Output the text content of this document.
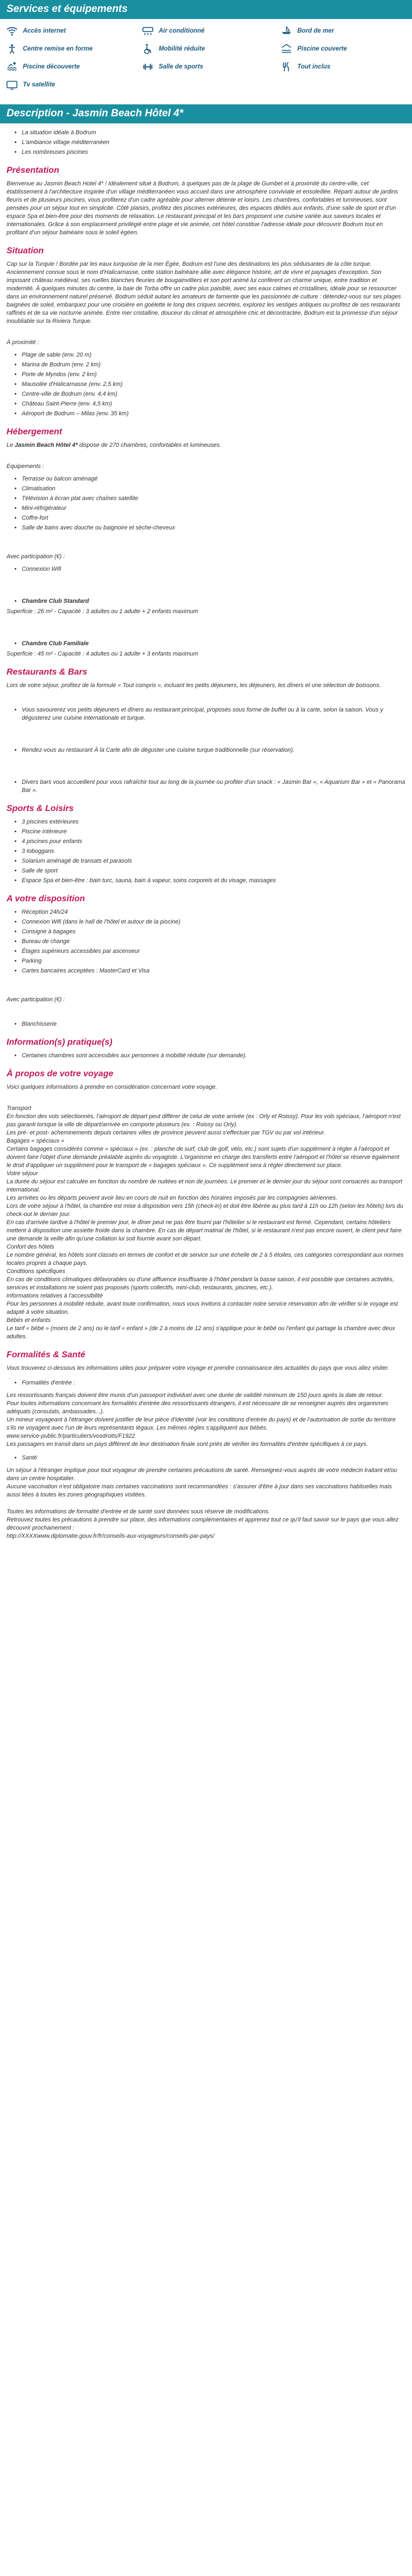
Services et équipements
Accès internet	Air conditionné	Bord de mer
Centre remise en forme	Mobilité réduite	Piscine couverte
Piscine découverte	Salle de sports	Tout inclus
Tv satellite
Description - Jasmin Beach Hôtel 4*
• La situation idéale à Bodrum
• L'ambiance village méditerranéen
• Les nombreuses piscines
Présentation

Bienvenue au Jasmin Beach Hotel 4* ! Idéalement situé à Bodrum, à quelques pas de la plage de Gumbet et à proximité du centre-ville, cet établissement à l'architecture inspirée d'un village méditerranéen vous accueil dans une atmosphère conviviale et ensoleillée. Réparti autour de jardins fleuris et de plusieurs piscines, vous profiterez d'un cadre agréable pour alterner détente et loisirs. Les chambres, confortables et lumineuses, sont pensées pour un séjour tout en simplicité. Côté plaisirs, profitez des piscines extérieures, des espaces dédiés aux enfants, d'une salle de sport et d'un espace Spa et bien-être pour des moments de relaxation. Le restaurant principal et les bars proposent une cuisine variée aux saveurs locales et internationales. Grâce à son emplacement privilégié entre plage et vie animée, cet hôtel constitue l'adresse idéale pour découvrir Bodrum tout en profitant d'un séjour balnéaire sous le soleil égéen.

Situation

Cap sur la Turquie ! Bordée par les eaux turquoise de la mer Égée, Bodrum est l'une des destinations les plus séduisantes de la côte turque. Anciennement connue sous le nom d'Halicarnasse, cette station balnéaire allie avec élégance histoire, art de vivre et paysages d'exception. Son imposant château médiéval, ses ruelles blanches fleuries de bougainvilliers et son port animé lui confèrent un charme unique, entre tradition et modernité. À quelques minutes du centre, la baie de Torba offre un cadre plus paisible, avec ses eaux calmes et cristallines, idéale pour se ressourcer dans un environnement naturel préservé. Bodrum séduit autant les amateurs de farniente que les passionnés de culture : détendez-vous sur ses plages baignées de soleil, embarquez pour une croisière en goélette le long des criques secrètes, explorez les vestiges antiques ou profitez de ses restaurants raffinés et de sa vie nocturne animée. Entre mer cristalline, douceur du climat et atmosphère chic et décontractée, Bodrum est la promesse d'un séjour inoubliable sur la Riviera Turque.

À proximité :

• Plage de sable (env. 20 m)
• Marina de Bodrum (env. 2 km)
• Porte de Myndos (env. 2 km)
• Mausolée d'Halicarnasse (env. 2,5 km)
• Centre-ville de Bodrum (env. 4,4 km)
• Château Saint-Pierre (env. 4,5 km)
• Aéroport de Bodrum – Milas (env. 35 km)
Hébergement

Le Jasmin Beach Hôtel 4* dispose de 270 chambres, confortables et lumineuses.

Equipements :

• Terrasse ou balcon aménagé
• Climatisation
• Télévision à écran plat avec chaînes satellite
• Mini-réfrigérateur
• Coffre-fort
• Salle de bains avec douche ou baignoire et sèche-cheveux

Avec participation (€) :

• Connexion Wifi
• Chambre Club Standard

Superficie : 26 m² - Capacité : 3 adultes ou 1 adulte + 2 enfants maximum

• Chambre Club Familiale

Superficie : 45 m² - Capacité : 4 adultes ou 1 adulte + 3 enfants maximum

Restaurants & Bars

Lors de votre séjour, profitez de la formule « Tout compris », incluant les petits déjeuners, les déjeuners, les dîners et une sélection de boissons.

• Vous savourerez vos petits déjeuners et dîners au restaurant principal, proposés sous forme de buffet ou à la carte, selon la saison. Vous y dégusterez une cuisine internationale et turque.
• Rendez-vous au restaurant À la Carte afin de déguster une cuisine turque traditionnelle (sur réservation).
• Divers bars vous accueillent pour vous rafraîchir tout au long de la journée ou profiter d'un snack : « Jasmin Bar », « Aquarium Bar » et « Panorama Bar ».
Sports & Loisirs
• 3 piscines extérieures
• Piscine intérieure
• 4 piscines pour enfants
• 3 toboggans
• Solarium aménagé de transats et parasols
• Salle de sport
• Espace Spa et bien-être : bain turc, sauna, bain à vapeur, soins corporels et du visage, massages
A votre disposition
• Réception 24h/24
• Connexion Wifi (dans le hall de l'hôtel et autour de la piscine)
• Consigne à bagages
• Bureau de change
• Étages supérieurs accessibles par ascenseur
• Parking
• Cartes bancaires acceptées : MasterCard et Visa

Avec participation (€) :

• Blanchisserie
Information(s) pratique(s)
• Certaines chambres sont accessibles aux personnes à mobilité réduite (sur demande).
À propos de votre voyage

Voici quelques informations à prendre en considération concernant votre voyage.

Transport
En fonction des vols sélectionnés, l'aéroport de départ peut différer de celui de votre arrivée (ex : Orly et Roissy). Pour les vols spéciaux, l'aéroport n'est pas garanti lorsque la ville de départ/arrivée en comporte plusieurs (ex. : Roissy ou Orly).
Les pré- et post- acheminements depuis certaines villes de province peuvent aussi s'effectuer par TGV ou par vol intérieur.
Bagages « spéciaux »
Certains bagages considérés comme « spéciaux » (ex. : planche de surf, club de golf, vélo, etc.) sont sujets d'un supplément à régler à l'aéroport et doivent faire l'objet d'une demande préalable auprès du voyagiste. L'organisme en charge des transferts entre l'aéroport et l'hôtel se réserve également le droit d'appliquer un supplément pour le transport de « bagages spéciaux ». Ce supplément sera à régler directement sur place.
Votre séjour
La durée du séjour est calculée en fonction du nombre de nuitées et non de journées. Le premier et le dernier jour du séjour sont consacrés au transport international.
Les arrivées ou les départs peuvent avoir lieu en cours de nuit en fonction des horaires imposés par les compagnies aériennes.
Lors de votre séjour à l'hôtel, la chambre est mise à disposition vers 15h (check-in) et doit être libérée au plus tard à 11h ou 12h (selon les hôtels) lors du check-out le dernier jour.
En cas d'arrivée tardive à l'hôtel le premier jour, le dîner peut ne pas être fourni par l'hôtelier si le restaurant est fermé. Cependant, certains hôteliers mettent à disposition une assiette froide dans la chambre. En cas de départ matinal de l'hôtel, si le restaurant n'est pas encore ouvert, le client peut faire une demande la veille afin qu'une collation lui soit fournie avant son départ.
Confort des hôtels
Le nombre général, les hôtels sont classés en termes de confort et de service sur une échelle de 2 à 5 étoiles, ces catégories correspondant aux normes locales propres à chaque pays.
Conditions spécifiques
En cas de conditions climatiques défavorables ou d'une affluence insuffisante à l'hôtel pendant la basse saison, il est possible que certaines activités, services et installations ne soient pas proposés (sports collectifs, mini-club, restaurants, piscines, etc.).
Informations relatives à l'accessibilité
Pour les personnes à mobilité réduite, avant toute confirmation, nous vous invitons à contacter notre service réservation afin de vérifier si le voyage est adapté à votre situation.
Bébés et enfants
Le tarif « bébé » (moins de 2 ans) ou le tarif « enfant » (de 2 à moins de 12 ans) s'applique pour le bébé ou l'enfant qui partage la chambre avec deux adultes.
Formalités & Santé

Vous trouverez ci-dessous les informations utiles pour préparer votre voyage et prendre connaissance des actualités du pays que vous allez visiter.

• Formalités d'entrée :
Les ressortissants français doivent être munis d'un passeport individuel avec une durée de validité minimum de 150 jours après la date de retour.
Pour toutes informations concernant les formalités d'entrée des ressortissants étrangers, il est nécessaire de se renseigner auprès des organismes adéquats (consulats, ambassades...).
Un mineur voyageant à l'étranger doivent justifier de leur pièce d'identité (voir les conditions d'entrée du pays) et de l'autorisation de sortie du territoire s'ils ne voyagent avec l'un de leurs représentants légaux. Les mêmes règles s'appliquent aux bébés.
www.service-public.fr/particuliers/vosdroits/F1922
Les passagers en transit dans un pays différent de leur destination finale sont priés de vérifier les formalités d'entrée spécifiques à ce pays.
• Santé
Un séjour à l'étranger implique pour tout voyageur de prendre certaines précautions de santé. Renseignez-vous auprès de votre médecin traitant et/ou dans un centre hospitalier.
Aucune vaccination n'est obligatoire mais certaines vaccinations sont recommandées : s'assurer d'être à jour dans ses vaccinations habituelles mais aussi liées à toutes les zones géographiques visitées.
Toutes les informations de formalité d'entrée et de santé sont données sous réserve de modifications.
Retrouvez toutes les précautions à prendre sur place, des informations complémentaires et apprenez tout ce qu'il faut savoir sur le pays que vous allez découvrir prochainement :
http://XXXXwww.diplomatie.gouv.fr/fr/conseils-aux-voyageurs/conseils-par-pays/
